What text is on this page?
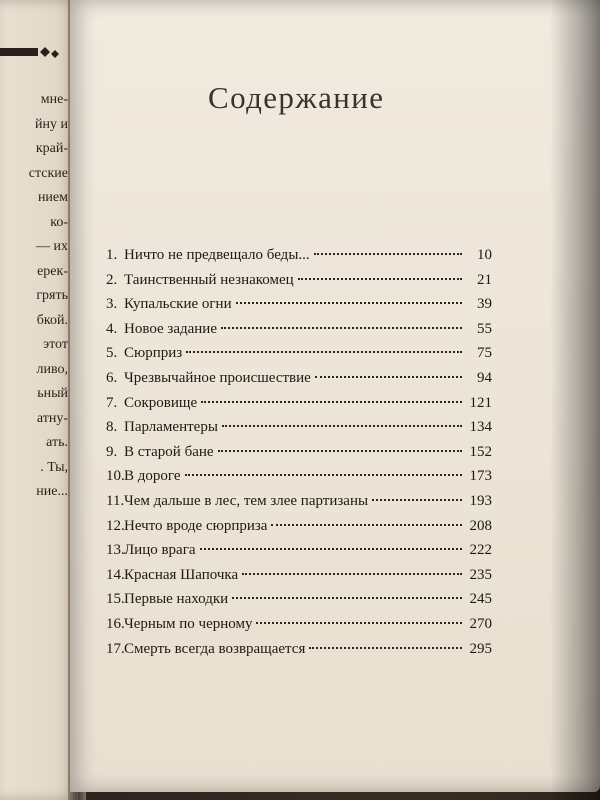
мне-
йну и
край-
стские
нием
ко-
— их
ерек-
грять
бкой.
этот
ливо,
ьный
атну-
ать.
. Ты,
ние...
Содержание
1. Ничто не предвещало беды...	10
2. Таинственный незнакомец	21
3. Купальские огни	39
4. Новое задание	55
5. Сюрприз	75
6. Чрезвычайное происшествие	94
7. Сокровище	121
8. Парламентеры	134
9. В старой бане	152
10. В дороге	173
11. Чем дальше в лес, тем злее партизаны	193
12. Нечто вроде сюрприза	208
13. Лицо врага	222
14. Красная Шапочка	235
15. Первые находки	245
16. Черным по черному	270
17. Смерть всегда возвращается	295
